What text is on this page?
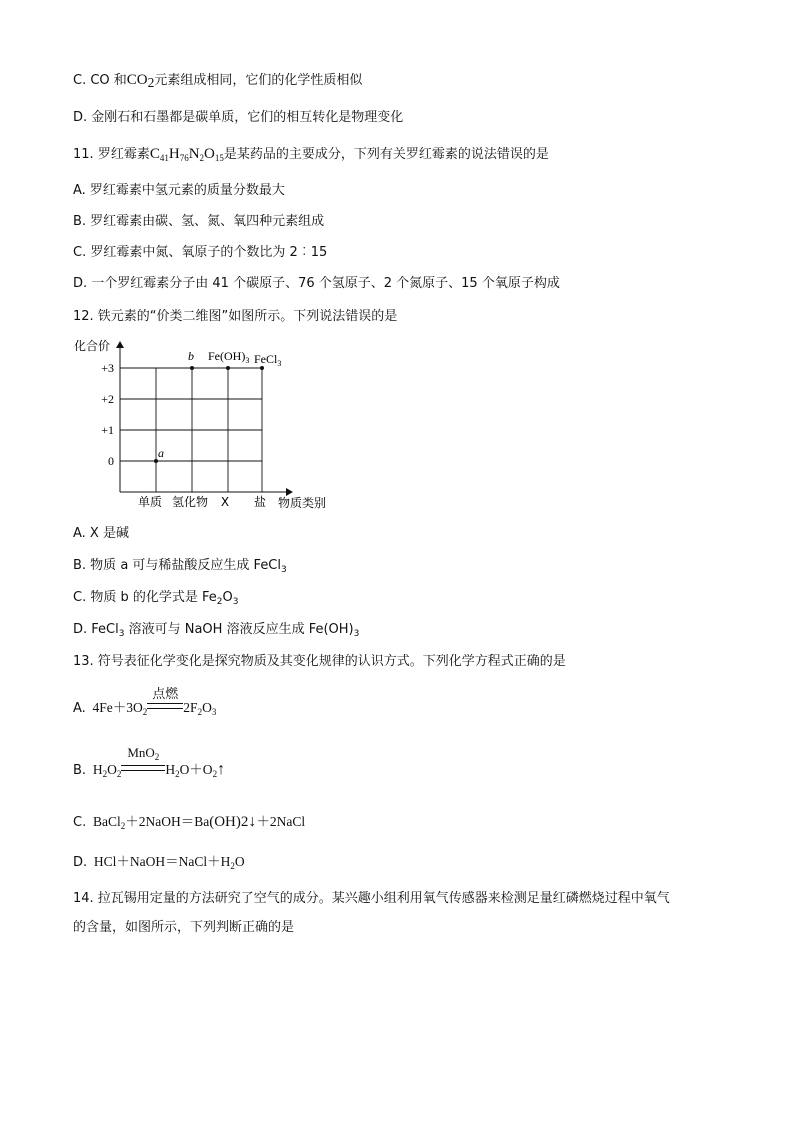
C. CO 和$CO_2$元素组成相同，它们的化学性质相似
D. 金刚石和石墨都是碳单质，它们的相互转化是物理变化
11. 罗红霉素$C_{41}H_{76}N_2O_{15}$是某药品的主要成分，下列有关罗红霉素的说法错误的是
A. 罗红霉素中氢元素的质量分数最大
B. 罗红霉素由碳、氢、氮、氧四种元素组成
C. 罗红霉素中氮、氧原子的个数比为 2︰15
D. 一个罗红霉素分子由 41 个碳原子、76 个氢原子、2 个氮原子、15 个氧原子构成
12. 铁元素的“价类二维图”如图所示。下列说法错误的是
化合价
物质类别
+3
+2
+1
0
单质 氢化物 X 盐
a
b $Fe(OH)_3$ FeCl$_3$
A. X 是碱
B. 物质 a 可与稀盐酸反应生成 FeCl$_3$
C. 物质 b 的化学式是 $Fe_2O_3$
D. FeCl$_3$ 溶液可与 NaOH 溶液反应生成 $Fe(OH)_3$
13. 符号表征化学变化是探究物质及其变化规律的认识方式。下列化学方程式正确的是
A. $4Fe+3O_2$
点燃
$2F_2O_3$
B. $H_2O_2$
MnO$_2$
$H_2O+O_2↑$
C. BaCl$_2$＋2NaOH＝Ba(OH)2↓＋2NaCl
D. $HCl+NaOH=NaCl+H_2O$
14. 拉瓦锡用定量的方法研究了空气的成分。某兴趣小组利用氧气传感器来检测足量红磷燃烧过程中氧气
的含量，如图所示，下列判断正确的是
